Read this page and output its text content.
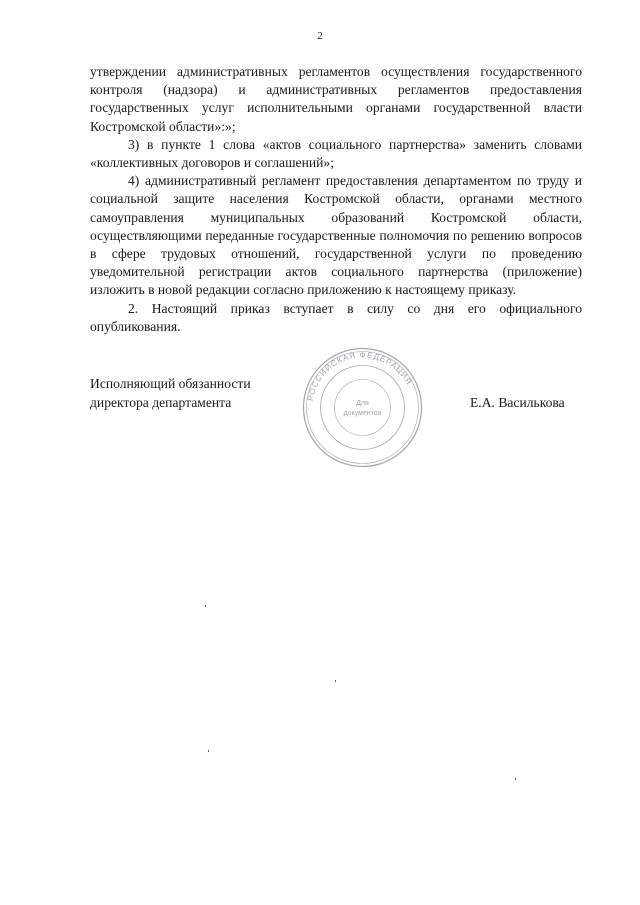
2

утверждении административных регламентов осуществления государственного контроля (надзора) и административных регламентов предоставления государственных услуг исполнительными органами государственной власти Костромской области»:»;

3) в пункте 1 слова «актов социального партнерства» заменить словами «коллективных договоров и соглашений»;

4) административный регламент предоставления департаментом по труду и социальной защите населения Костромской области, органами местного самоуправления муниципальных образований Костромской области, осуществляющими переданные государственные полномочия по решению вопросов в сфере трудовых отношений, государственной услуги по проведению уведомительной регистрации актов социального партнерства (приложение) изложить в новой редакции согласно приложению к настоящему приказу.

2. Настоящий приказ вступает в силу со дня его официального опубликования.

Исполняющий обязанности
директора департамента	Е.А. Василькова
РОССИЙСКАЯ ФЕДЕРАЦИЯ
Для
документов
